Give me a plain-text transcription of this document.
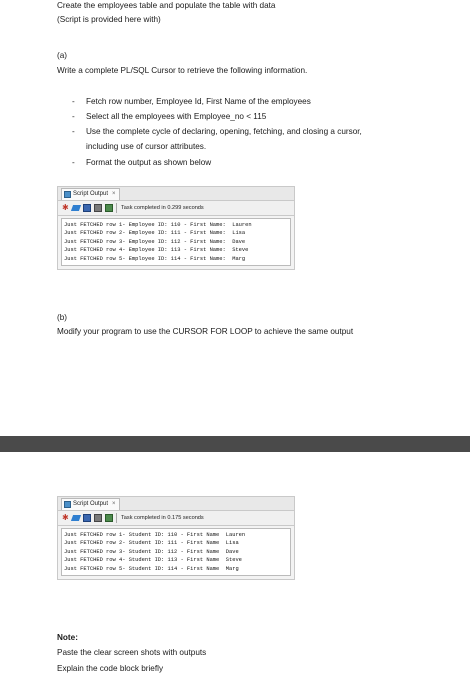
Create the employees table and populate the table with data
(Script is provided here with)
(a)
Write a complete PL/SQL Cursor to retrieve the following information.
- Fetch row number, Employee Id, First Name of the employees
- Select all the employees with Employee_no < 115
- Use the complete cycle of declaring, opening, fetching, and closing a cursor,
including use of cursor attributes.
- Format the output as shown below
Script Output ×
✱	Task completed in 0.299 seconds
Just FETCHED row 1- Employee ID: 110 - First Name:  Lauren
Just FETCHED row 2- Employee ID: 111 - First Name:  Lisa
Just FETCHED row 3- Employee ID: 112 - First Name:  Dave
Just FETCHED row 4- Employee ID: 113 - First Name:  Steve
Just FETCHED row 5- Employee ID: 114 - First Name:  Marg
(b)
Modify your program to use the CURSOR FOR LOOP to achieve the same output
Script Output ×
✱	Task completed in 0.175 seconds
Just FETCHED row 1- Student ID: 110 - First Name  Lauren
Just FETCHED row 2- Student ID: 111 - First Name  Lisa
Just FETCHED row 3- Student ID: 112 - First Name  Dave
Just FETCHED row 4- Student ID: 113 - First Name  Steve
Just FETCHED row 5- Student ID: 114 - First Name  Marg
Note:
Paste the clear screen shots with outputs
Explain the code block briefly
